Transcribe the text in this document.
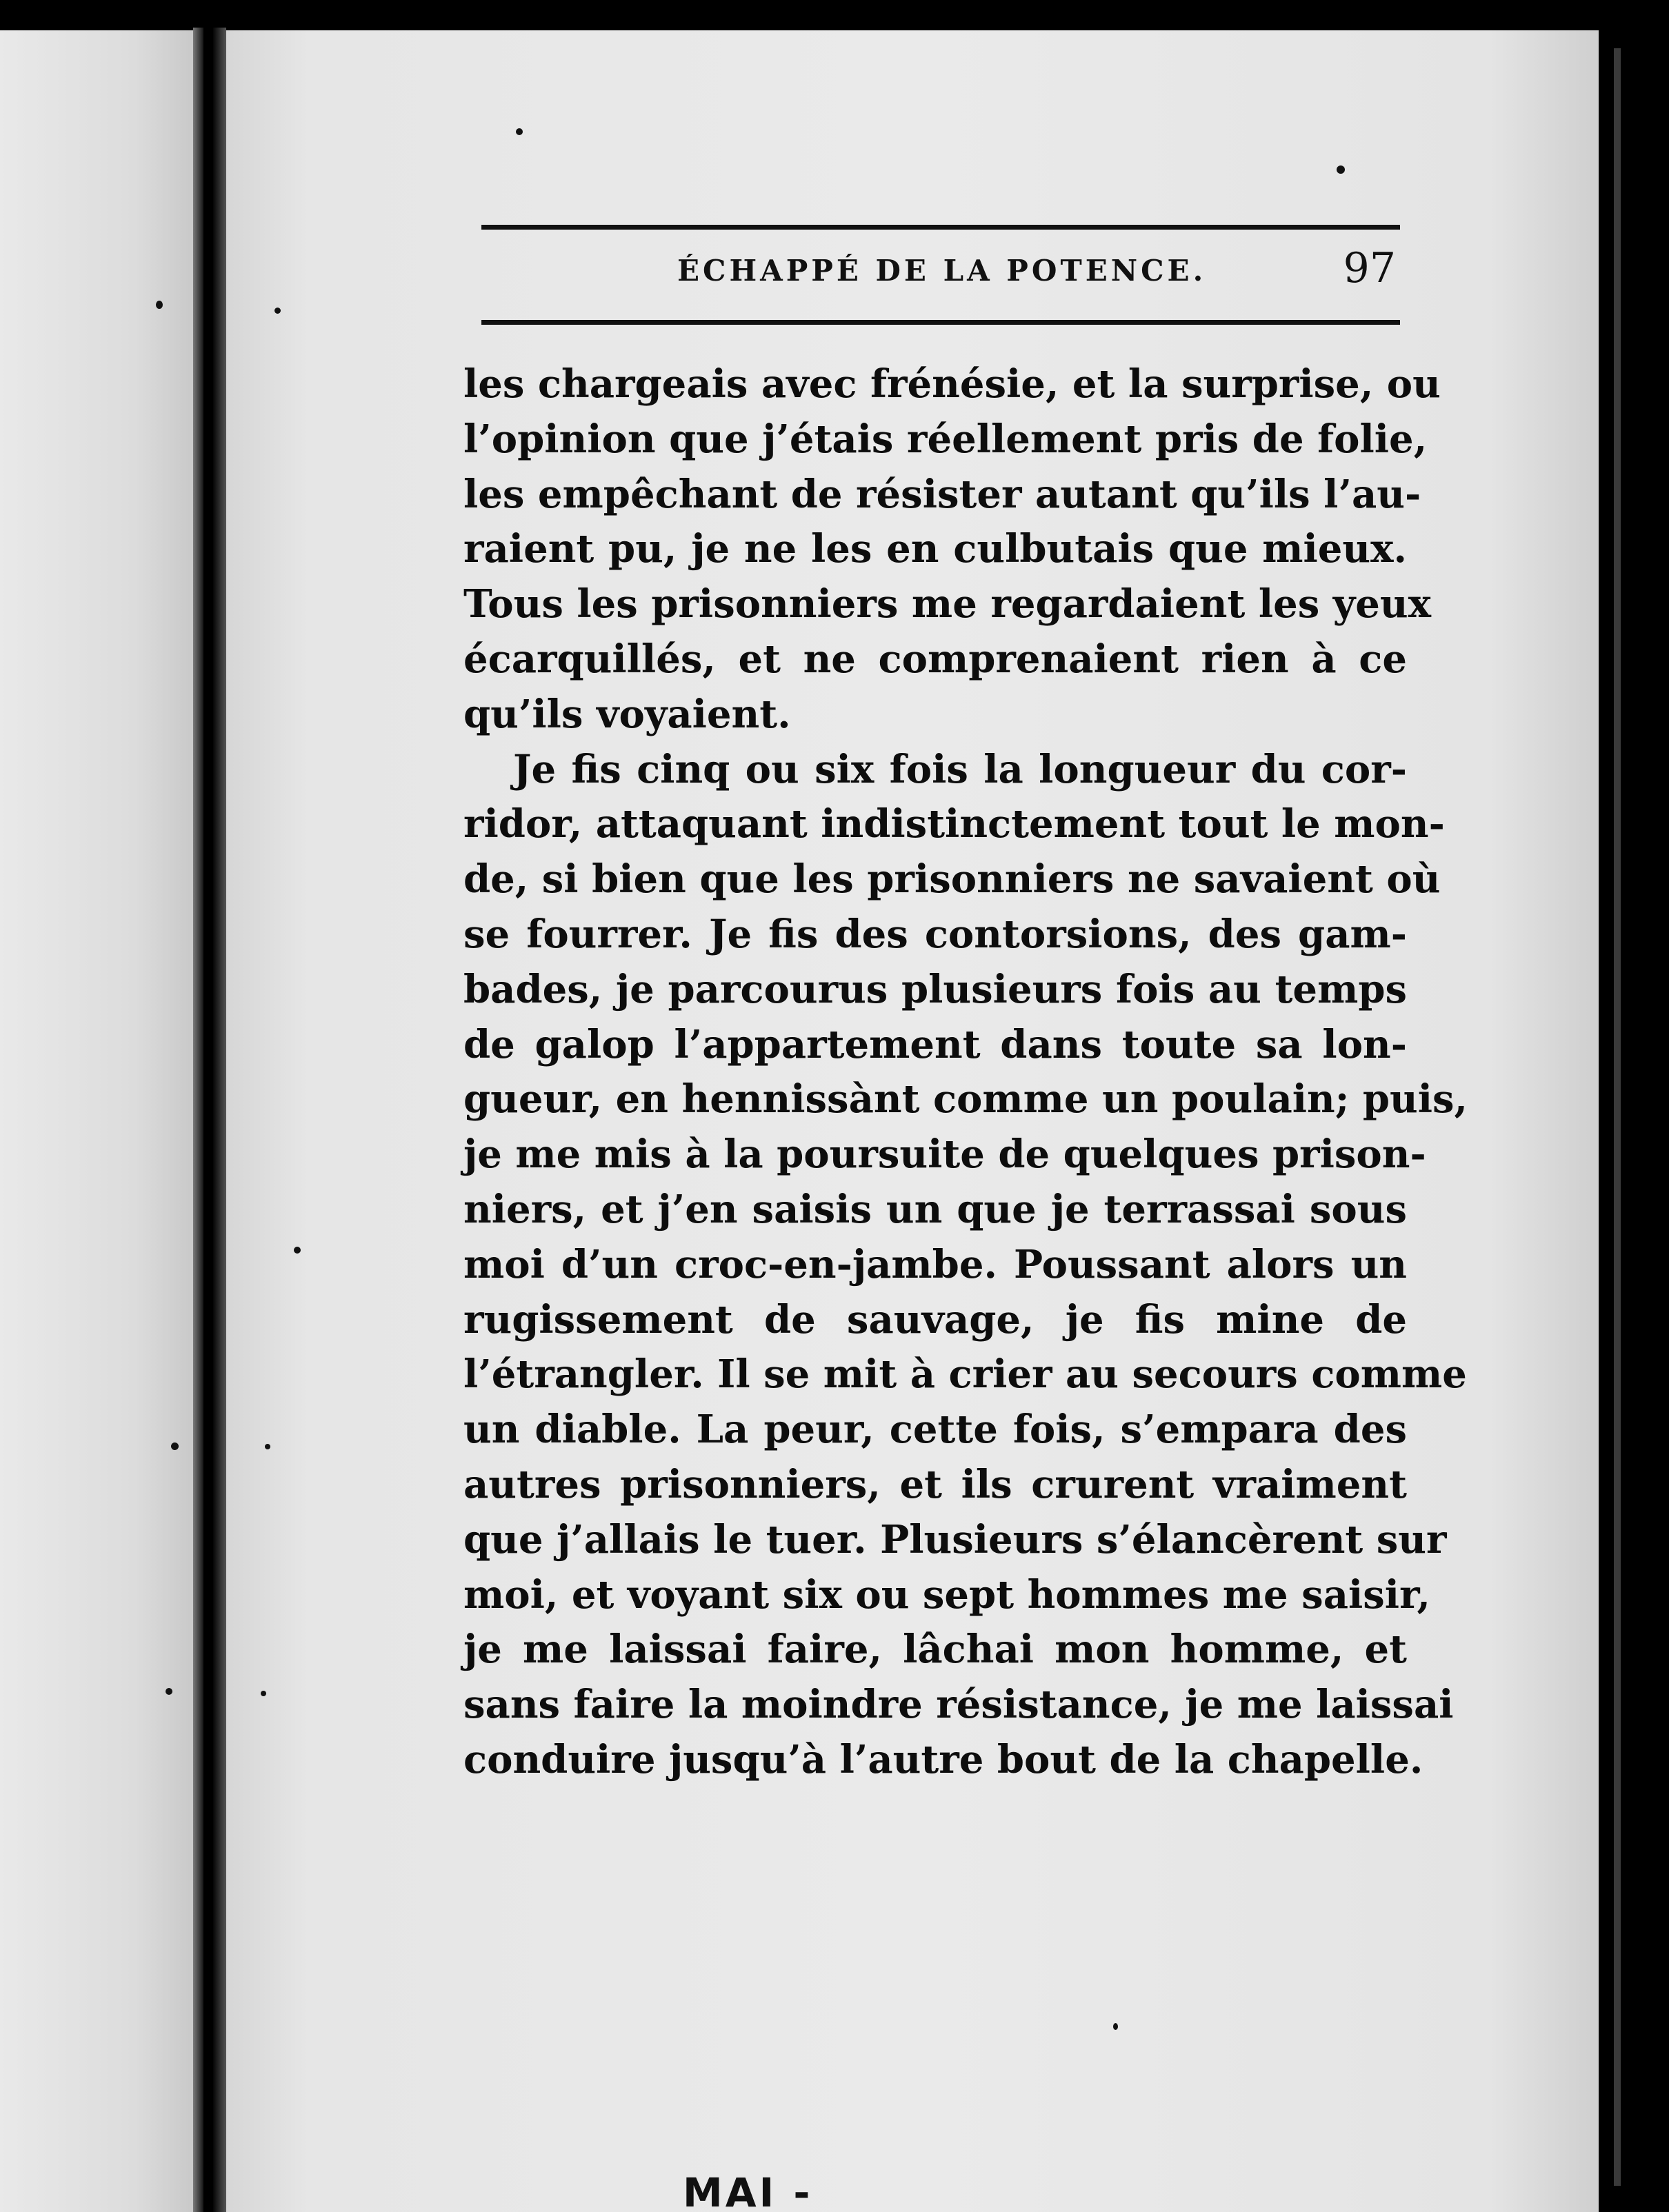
ÉCHAPPÉ DE LA POTENCE.	97
les chargeais avec frénésie, et la surprise, ou
l’opinion que j’étais réellement pris de folie,
les empêchant de résister autant qu’ils l’au-
raient pu, je ne les en culbutais que mieux.
Tous les prisonniers me regardaient les yeux
écarquillés, et ne comprenaient rien à ce
qu’ils voyaient.
Je fis cinq ou six fois la longueur du cor-
ridor, attaquant indistinctement tout le mon-
de, si bien que les prisonniers ne savaient où
se fourrer. Je fis des contorsions, des gam-
bades, je parcourus plusieurs fois au temps
de galop l’appartement dans toute sa lon-
gueur, en hennissànt comme un poulain; puis,
je me mis à la poursuite de quelques prison-
niers, et j’en saisis un que je terrassai sous
moi d’un croc-en-jambe. Poussant alors un
rugissement de sauvage, je fis mine de
l’étrangler. Il se mit à crier au secours comme
un diable. La peur, cette fois, s’empara des
autres prisonniers, et ils crurent vraiment
que j’allais le tuer. Plusieurs s’élancèrent sur
moi, et voyant six ou sept hommes me saisir,
je me laissai faire, lâchai mon homme, et
sans faire la moindre résistance, je me laissai
conduire jusqu’à l’autre bout de la chapelle.
MAI -
